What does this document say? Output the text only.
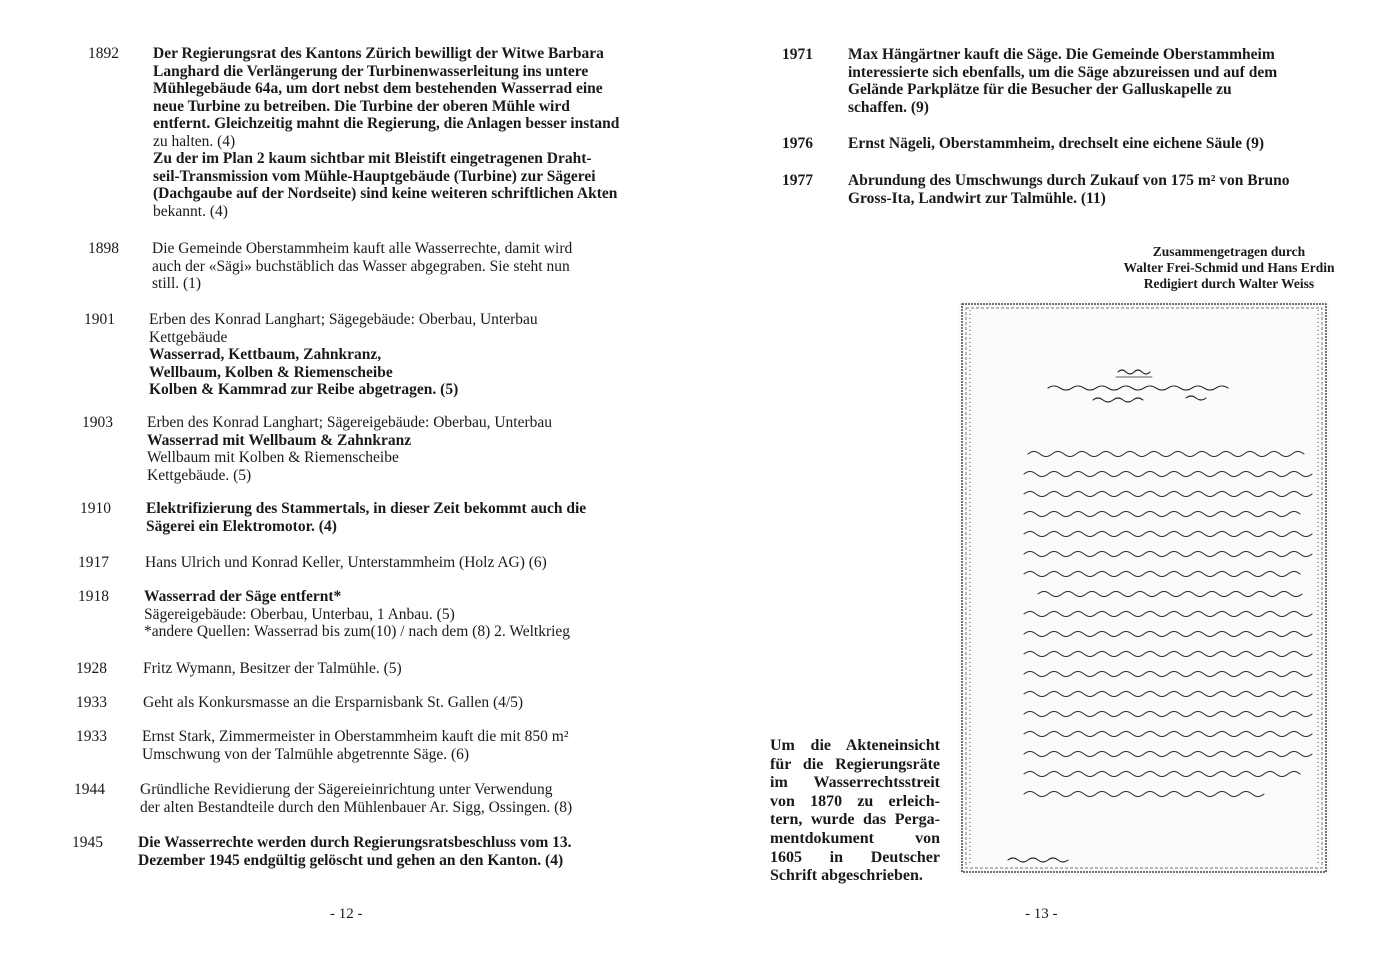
1892	Der Regierungsrat des Kantons Zürich bewilligt der Witwe Barbara
Langhard die Verlängerung der Turbinenwasserleitung ins untere
Mühlegebäude 64a, um dort nebst dem bestehenden Wasserrad eine
neue Turbine zu betreiben. Die Turbine der oberen Mühle wird
entfernt. Gleichzeitig mahnt die Regierung, die Anlagen besser instand
zu halten. (4)
Zu der im Plan 2 kaum sichtbar mit Bleistift eingetragenen Draht-
seil-Transmission vom Mühle-Hauptgebäude (Turbine) zur Sägerei
(Dachgaube auf der Nordseite) sind keine weiteren schriftlichen Akten
bekannt. (4)
1898	Die Gemeinde Oberstammheim kauft alle Wasserrechte, damit wird
auch der «Sägi» buchstäblich das Wasser abgegraben. Sie steht nun
still. (1)
1901	Erben des Konrad Langhart; Sägegebäude: Oberbau, Unterbau
Kettgebäude
Wasserrad, Kettbaum, Zahnkranz,
Wellbaum, Kolben & Riemenscheibe
Kolben & Kammrad zur Reibe abgetragen. (5)
1903	Erben des Konrad Langhart; Sägereigebäude: Oberbau, Unterbau
Wasserrad mit Wellbaum & Zahnkranz
Wellbaum mit Kolben & Riemenscheibe
Kettgebäude. (5)
1910	Elektrifizierung des Stammertals, in dieser Zeit bekommt auch die
Sägerei ein Elektromotor. (4)
1917	Hans Ulrich und Konrad Keller, Unterstammheim (Holz AG) (6)
1918	Wasserrad der Säge entfernt*
Sägereigebäude: Oberbau, Unterbau, 1 Anbau. (5)
*andere Quellen: Wasserrad bis zum(10) / nach dem (8) 2. Weltkrieg
1928	Fritz Wymann, Besitzer der Talmühle. (5)
1933	Geht als Konkursmasse an die Ersparnisbank St. Gallen (4/5)
1933	Ernst Stark, Zimmermeister in Oberstammheim kauft die mit 850 m²
Umschwung von der Talmühle abgetrennte Säge. (6)
1944	Gründliche Revidierung der Sägereieinrichtung unter Verwendung
der alten Bestandteile durch den Mühlenbauer Ar. Sigg, Ossingen. (8)
1945	Die Wasserrechte werden durch Regierungsratsbeschluss vom 13.
Dezember 1945 endgültig gelöscht und gehen an den Kanton. (4)
- 12 -
1971	Max Hängärtner kauft die Säge. Die Gemeinde Oberstammheim
interessierte sich ebenfalls, um die Säge abzureissen und auf dem
Gelände Parkplätze für die Besucher der Galluskapelle zu
schaffen. (9)
1976	Ernst Nägeli, Oberstammheim, drechselt eine eichene Säule (9)
1977	Abrundung des Umschwungs durch Zukauf von 175 m² von Bruno
Gross-Ita, Landwirt zur Talmühle. (11)
Zusammengetragen durch
Walter Frei-Schmid und Hans Erdin
Redigiert durch Walter Weiss
Um die Akteneinsicht
für die Regierungsräte
im Wasserrechtsstreit
von 1870 zu erleich-
tern, wurde das Perga-
mentdokument von
1605 in Deutscher
Schrift abgeschrieben.
- 13 -
